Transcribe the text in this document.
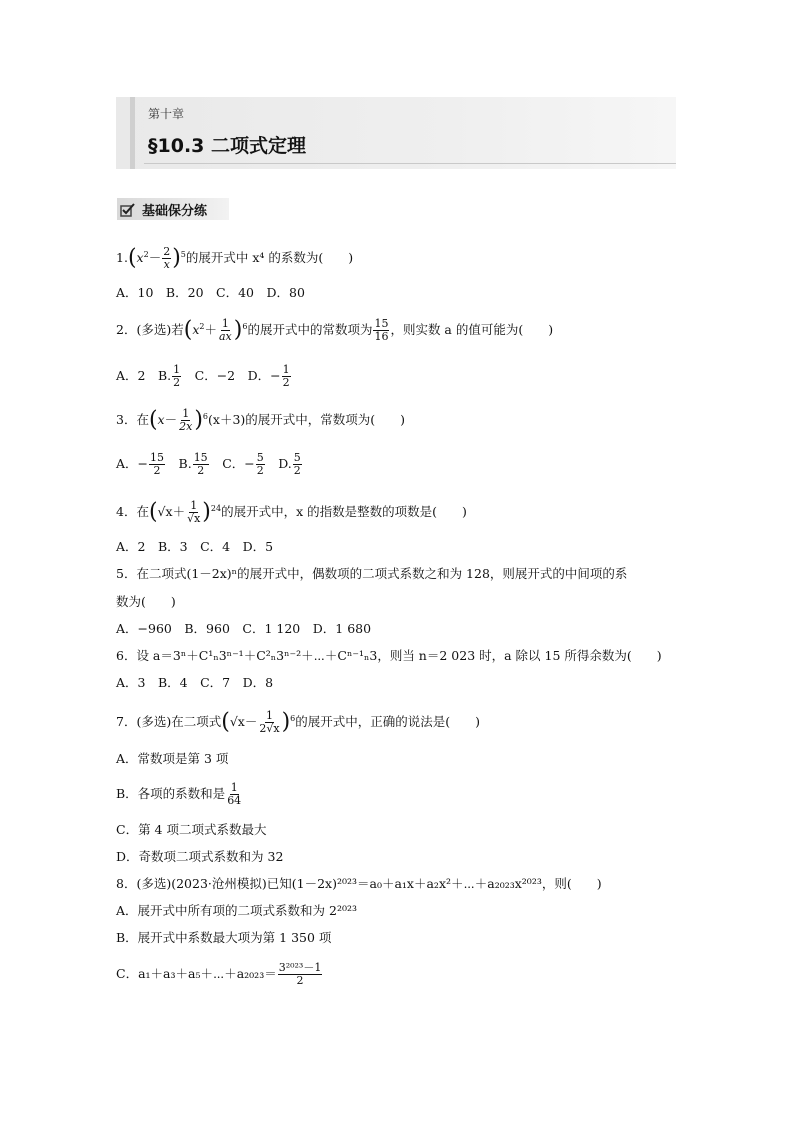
第十章
§10.3 二项式定理
基础保分练
$1.(x^2- \frac{2}{x} )^5$的展开式中 x⁴ 的系数为(　　)
A．10　B．20　C．40　D．80
2．(多选)若$(x^2+ \frac{1}{ax} )^6$的展开式中的常数项为 $\frac{15}{16}$ ，则实数 a 的值可能为(　　)
A．2　B. $\frac{1}{2}$ 　C．−2　D．− $\frac{1}{2}$
3．在$(x- \frac{1}{2x} )^6(x+3)$的展开式中，常数项为(　　)
A．− $\frac{15}{2}$ 　B. $\frac{15}{2}$ 　C．− $\frac{5}{2}$ 　D. $\frac{5}{2}$
4．在$(√x+ \frac{1}{√x} )^{24}$的展开式中，x 的指数是整数的项数是(　　)
A．2　B．3　C．4　D．5
5．在二项式(1－2x)ⁿ的展开式中，偶数项的二项式系数之和为 128，则展开式的中间项的系
数为(　　)
A．−960　B．960　C．1 120　D．1 680
6．设 a＝3ⁿ＋C¹ₙ3ⁿ⁻¹＋C²ₙ3ⁿ⁻²＋⋯＋Cⁿ⁻¹ₙ3，则当 n＝2 023 时，a 除以 15 所得余数为(　　)
A．3　B．4　C．7　D．8
7．(多选)在二项式$(√x- \frac{1}{2√x} )^6$的展开式中，正确的说法是(　　)
A．常数项是第 3 项
B．各项的系数和是 $\frac{1}{64}$
C．第 4 项二项式系数最大
D．奇数项二项式系数和为 32
8．(多选)(2023·沧州模拟)已知(1－2x)²⁰²³＝a₀＋a₁x＋a₂x²＋⋯＋a₂₀₂₃x²⁰²³，则(　　)
A．展开式中所有项的二项式系数和为 2²⁰²³
B．展开式中系数最大项为第 1 350 项
C．a₁＋a₃＋a₅＋⋯＋a₂₀₂₃＝ $\frac{\text{3²⁰²³－1}}{2}$
